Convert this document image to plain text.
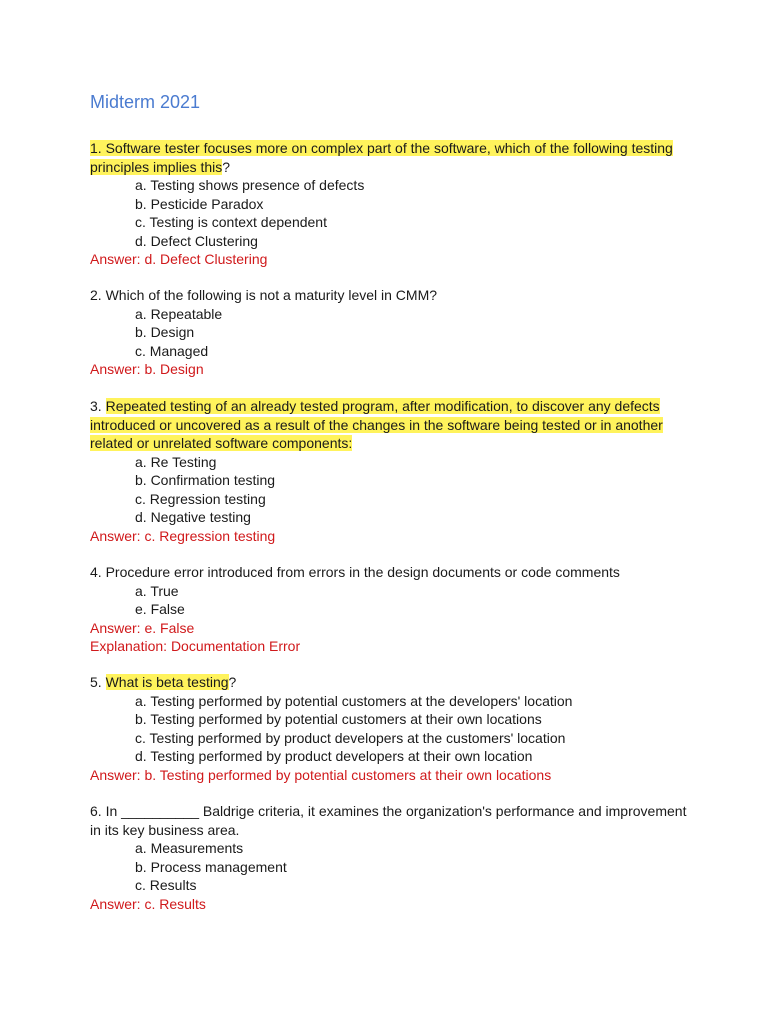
Midterm 2021

1. Software tester focuses more on complex part of the software, which of the following testing principles implies this?

a. Testing shows presence of defects
b. Pesticide Paradox
c. Testing is context dependent
d. Defect Clustering

Answer: d. Defect Clustering

2. Which of the following is not a maturity level in CMM?

a. Repeatable
b. Design
c. Managed

Answer: b. Design

3. Repeated testing of an already tested program, after modification, to discover any defects introduced or uncovered as a result of the changes in the software being tested or in another related or unrelated software components:

a. Re Testing
b. Confirmation testing
c. Regression testing
d. Negative testing

Answer: c. Regression testing

4. Procedure error introduced from errors in the design documents or code comments

a. True
e. False

Answer: e. False

Explanation: Documentation Error

5. What is beta testing?

a. Testing performed by potential customers at the developers' location
b. Testing performed by potential customers at their own locations
c. Testing performed by product developers at the customers' location
d. Testing performed by product developers at their own location

Answer: b. Testing performed by potential customers at their own locations

6. In __________ Baldrige criteria, it examines the organization's performance and improvement in its key business area.

a. Measurements
b. Process management
c. Results

Answer: c. Results
